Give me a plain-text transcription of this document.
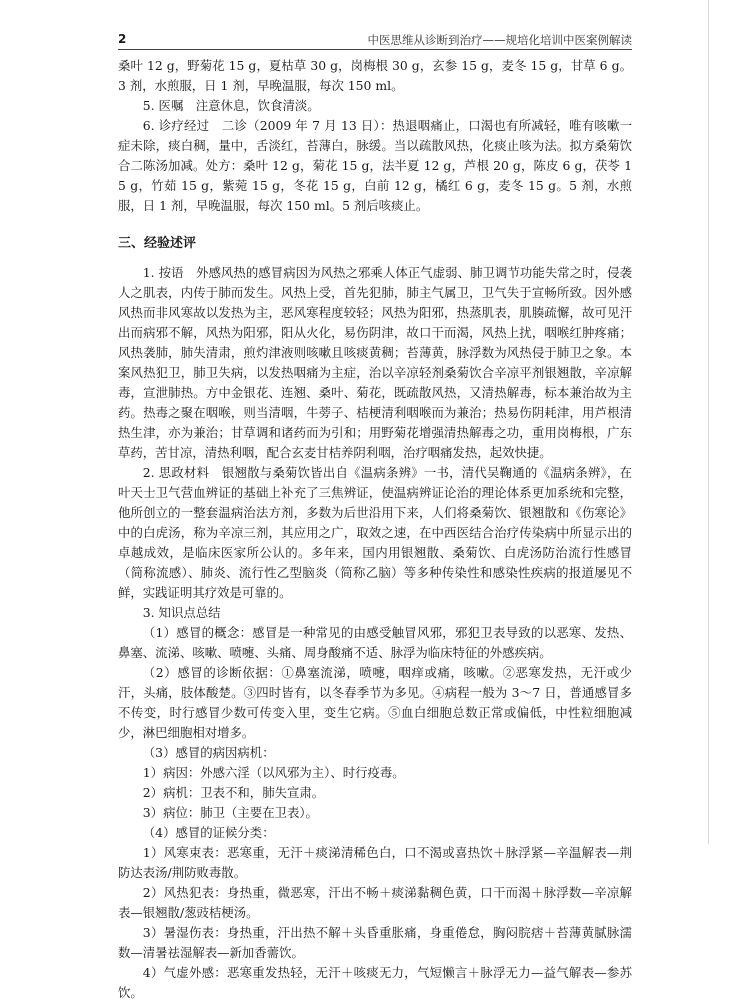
2	中医思维从诊断到治疗——规培化培训中医案例解读

桑叶 12 g，野菊花 15 g，夏枯草 30 g，岗梅根 30 g，玄参 15 g，麦冬 15 g，甘草 6 g。3 剂，水煎服，日 1 剂，早晚温服，每次 150 ml。

5. 医嘱　注意休息，饮食清淡。

6. 诊疗经过　二诊（2009 年 7 月 13 日）：热退咽痛止，口渴也有所减轻，唯有咳嗽一症未除，痰白稠，量中，舌淡红，苔薄白，脉缓。当以疏散风热，化痰止咳为法。拟方桑菊饮合二陈汤加减。处方：桑叶 12 g，菊花 15 g，法半夏 12 g，芦根 20 g，陈皮 6 g，茯苓 15 g，竹茹 15 g，紫菀 15 g，冬花 15 g，白前 12 g，橘红 6 g，麦冬 15 g。5 剂，水煎服，日 1 剂，早晚温服，每次 150 ml。5 剂后咳痰止。

三、经验述评

1. 按语　外感风热的感冒病因为风热之邪乘人体正气虚弱、肺卫调节功能失常之时，侵袭人之肌表，内传于肺而发生。风热上受，首先犯肺，肺主气属卫，卫气失于宣畅所致。因外感风热而非风寒故以发热为主，恶风寒程度较轻；风热为阳邪，热蒸肌表，肌腠疏懈，故可见汗出而病邪不解，风热为阳邪，阳从火化，易伤阴津，故口干而渴，风热上扰，咽喉红肿疼痛；风热袭肺，肺失清肃，煎灼津液则咳嗽且咳痰黄稠；苔薄黄，脉浮数为风热侵于肺卫之象。本案风热犯卫，肺卫失病，以发热咽痛为主症，治以辛凉轻剂桑菊饮合辛凉平剂银翘散，辛凉解毒，宣泄肺热。方中金银花、连翘、桑叶、菊花，既疏散风热，又清热解毒，标本兼治故为主药。热毒之聚在咽喉，则当清咽，牛蒡子、桔梗清利咽喉而为兼治；热易伤阴耗津，用芦根清热生津，亦为兼治；甘草调和诸药而为引和；用野菊花增强清热解毒之功，重用岗梅根，广东草药，苦甘凉，清热利咽，配合玄麦甘桔养阴利咽，治疗咽痛发热，起效快捷。

2. 思政材料　银翘散与桑菊饮皆出自《温病条辨》一书，清代吴鞠通的《温病条辨》，在叶天士卫气营血辨证的基础上补充了三焦辨证，使温病辨证论治的理论体系更加系统和完整，他所创立的一整套温病治法方剂，多数为后世沿用下来，人们将桑菊饮、银翘散和《伤寒论》中的白虎汤，称为辛凉三剂，其应用之广，取效之速，在中西医结合治疗传染病中所显示出的卓越成效，是临床医家所公认的。多年来，国内用银翘散、桑菊饮、白虎汤防治流行性感冒（简称流感）、肺炎、流行性乙型脑炎（简称乙脑）等多种传染性和感染性疾病的报道屡见不鲜，实践证明其疗效是可靠的。

3. 知识点总结

（1）感冒的概念：感冒是一种常见的由感受触冒风邪，邪犯卫表导致的以恶寒、发热、鼻塞、流涕、咳嗽、喷嚏、头痛、周身酸痛不适、脉浮为临床特征的外感疾病。

（2）感冒的诊断依据：①鼻塞流涕，喷嚏，咽痒或痛，咳嗽。②恶寒发热，无汗或少汗，头痛，肢体酸楚。③四时皆有，以冬春季节为多见。④病程一般为 3～7 日，普通感冒多不传变，时行感冒少数可传变入里，变生它病。⑤血白细胞总数正常或偏低，中性粒细胞减少，淋巴细胞相对增多。

（3）感冒的病因病机：

1）病因：外感六淫（以风邪为主）、时行疫毒。

2）病机：卫表不和，肺失宣肃。

3）病位：肺卫（主要在卫表）。

（4）感冒的证候分类：

1）风寒束表：恶寒重，无汗＋痰涕清稀色白，口不渴或喜热饮＋脉浮紧—辛温解表—荆防达表汤/荆防败毒散。

2）风热犯表：身热重，微恶寒，汗出不畅＋痰涕黏稠色黄，口干而渴＋脉浮数—辛凉解表—银翘散/葱豉桔梗汤。

3）暑湿伤表：身热重，汗出热不解＋头昏重胀痛，身重倦怠，胸闷脘痞＋苔薄黄腻脉濡数—清暑祛湿解表—新加香薷饮。

4）气虚外感：恶寒重发热轻，无汗＋咳痰无力，气短懒言＋脉浮无力—益气解表—参苏饮。
